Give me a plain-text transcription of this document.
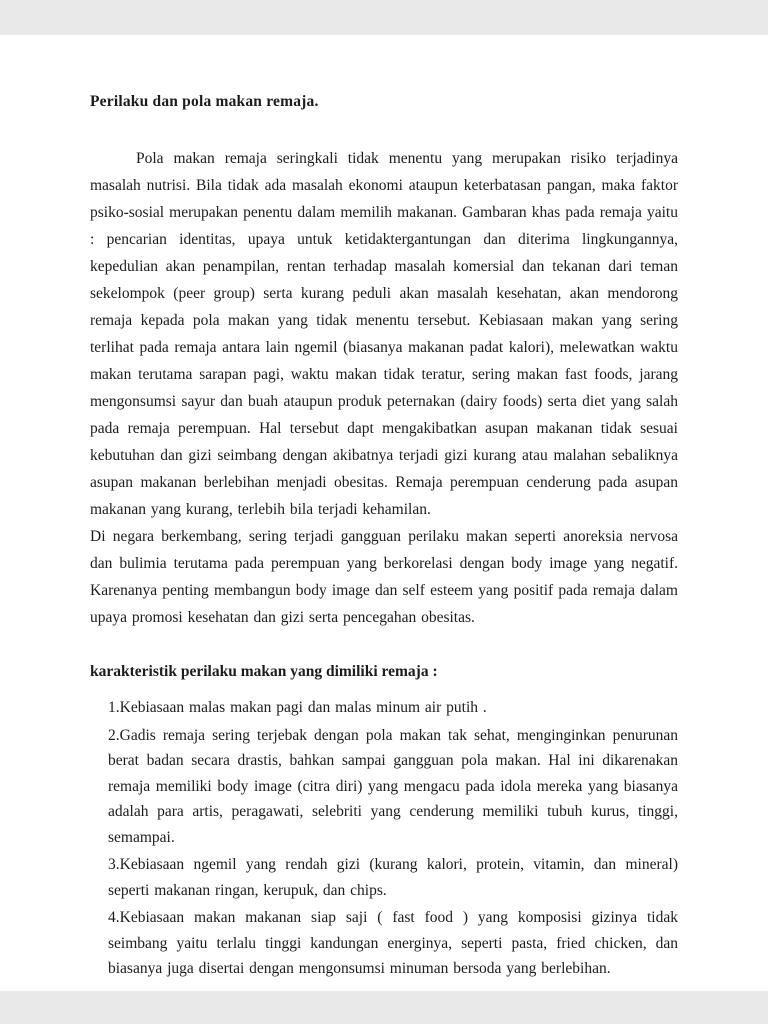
Perilaku dan pola makan remaja.

Pola makan remaja seringkali tidak menentu yang merupakan risiko terjadinya masalah nutrisi. Bila tidak ada masalah ekonomi ataupun keterbatasan pangan, maka faktor psiko-sosial merupakan penentu dalam memilih makanan. Gambaran khas pada remaja yaitu : pencarian identitas, upaya untuk ketidaktergantungan dan diterima lingkungannya, kepedulian akan penampilan, rentan terhadap masalah komersial dan tekanan dari teman sekelompok (peer group) serta kurang peduli akan masalah kesehatan, akan mendorong remaja kepada pola makan yang tidak menentu tersebut. Kebiasaan makan yang sering terlihat pada remaja antara lain ngemil (biasanya makanan padat kalori), melewatkan waktu makan terutama sarapan pagi, waktu makan tidak teratur, sering makan fast foods, jarang mengonsumsi sayur dan buah ataupun produk peternakan (dairy foods) serta diet yang salah pada remaja perempuan. Hal tersebut dapt mengakibatkan asupan makanan tidak sesuai kebutuhan dan gizi seimbang dengan akibatnya terjadi gizi kurang atau malahan sebaliknya asupan makanan berlebihan menjadi obesitas. Remaja perempuan cenderung pada asupan makanan yang kurang, terlebih bila terjadi kehamilan.

Di negara berkembang, sering terjadi gangguan perilaku makan seperti anoreksia nervosa dan bulimia terutama pada perempuan yang berkorelasi dengan body image yang negatif. Karenanya penting membangun body image dan self esteem yang positif pada remaja dalam upaya promosi kesehatan dan gizi serta pencegahan obesitas.

karakteristik perilaku makan yang dimiliki remaja :
1.Kebiasaan malas makan pagi dan malas minum air putih .
2.Gadis remaja sering terjebak dengan pola makan tak sehat, menginginkan penurunan berat badan secara drastis, bahkan sampai gangguan pola makan. Hal ini dikarenakan remaja memiliki body image (citra diri) yang mengacu pada idola mereka yang biasanya adalah para artis, peragawati, selebriti yang cenderung memiliki tubuh kurus, tinggi, semampai.
3.Kebiasaan ngemil yang rendah gizi (kurang kalori, protein, vitamin, dan mineral) seperti makanan ringan, kerupuk, dan chips.
4.Kebiasaan makan makanan siap saji ( fast food ) yang komposisi gizinya tidak seimbang yaitu terlalu tinggi kandungan energinya, seperti pasta, fried chicken, dan biasanya juga disertai dengan mengonsumsi minuman bersoda yang berlebihan.
